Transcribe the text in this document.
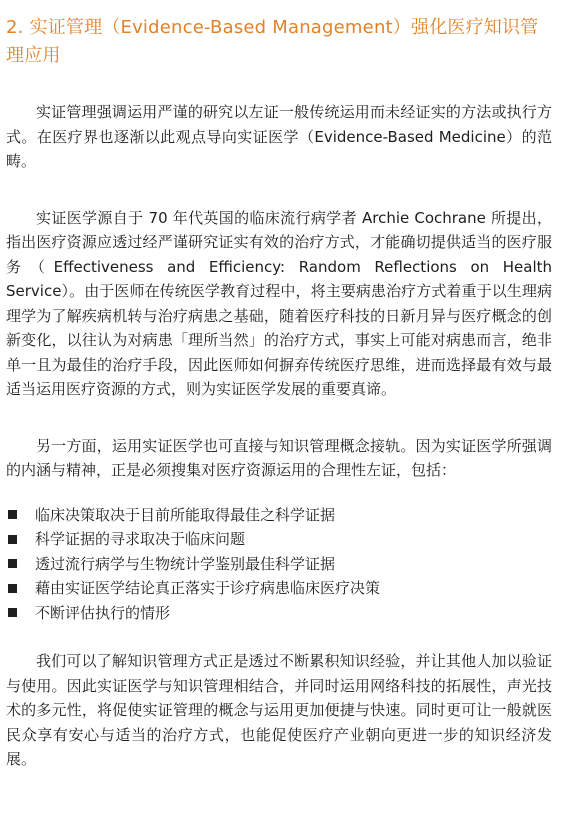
2. 实证管理（Evidence-Based Management）强化医疗知识管理应用

实证管理强调运用严谨的研究以左证一般传统运用而未经证实的方法或执行方式。在医疗界也逐渐以此观点导向实证医学（Evidence-Based Medicine）的范畴。

实证医学源自于 70 年代英国的临床流行病学者 Archie Cochrane 所提出，指出医疗资源应透过经严谨研究证实有效的治疗方式，才能确切提供适当的医疗服务（Effectiveness and Efficiency: Random Reflections on Health Service）。由于医师在传统医学教育过程中，将主要病患治疗方式着重于以生理病理学为了解疾病机转与治疗病患之基础，随着医疗科技的日新月异与医疗概念的创新变化，以往认为对病患「理所当然」的治疗方式，事实上可能对病患而言，绝非单一且为最佳的治疗手段，因此医师如何摒弃传统医疗思维，进而选择最有效与最适当运用医疗资源的方式，则为实证医学发展的重要真谛。

另一方面，运用实证医学也可直接与知识管理概念接轨。因为实证医学所强调的内涵与精神，正是必须搜集对医疗资源运用的合理性左证，包括：

临床决策取决于目前所能取得最佳之科学证据
科学证据的寻求取决于临床问题
透过流行病学与生物统计学鉴别最佳科学证据
藉由实证医学结论真正落实于诊疗病患临床医疗决策
不断评估执行的情形

我们可以了解知识管理方式正是透过不断累积知识经验，并让其他人加以验证与使用。因此实证医学与知识管理相结合，并同时运用网络科技的拓展性，声光技术的多元性，将促使实证管理的概念与运用更加便捷与快速。同时更可让一般就医民众享有安心与适当的治疗方式，也能促使医疗产业朝向更进一步的知识经济发展。
